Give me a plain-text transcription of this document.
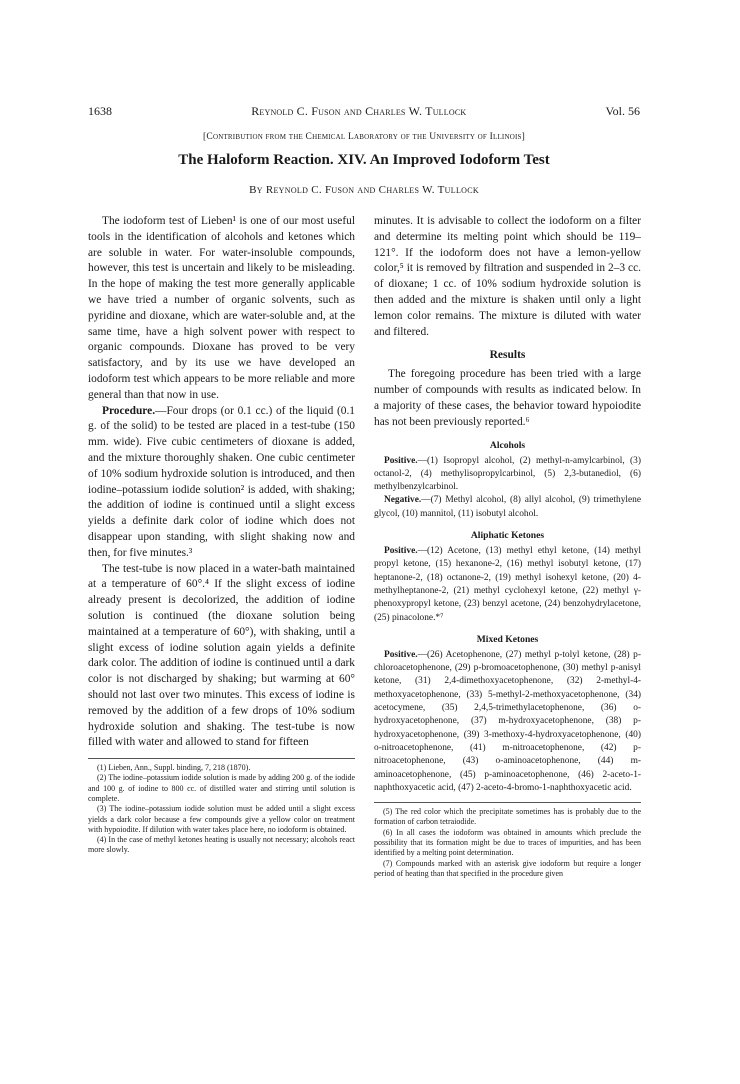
1638	Reynold C. Fuson and Charles W. Tullock	Vol. 56
[Contribution from the Chemical Laboratory of the University of Illinois]
The Haloform Reaction. XIV. An Improved Iodoform Test
By Reynold C. Fuson and Charles W. Tullock

The iodoform test of Lieben¹ is one of our most useful tools in the identification of alcohols and ketones which are soluble in water. For water-insoluble compounds, however, this test is uncertain and likely to be misleading. In the hope of making the test more generally applicable we have tried a number of organic solvents, such as pyridine and dioxane, which are water-soluble and, at the same time, have a high solvent power with respect to organic compounds. Dioxane has proved to be very satisfactory, and by its use we have developed an iodoform test which appears to be more reliable and more general than that now in use.

Procedure.—Four drops (or 0.1 cc.) of the liquid (0.1 g. of the solid) to be tested are placed in a test-tube (150 mm. wide). Five cubic centimeters of dioxane is added, and the mixture thoroughly shaken. One cubic centimeter of 10% sodium hydroxide solution is introduced, and then iodine–potassium iodide solution² is added, with shaking; the addition of iodine is continued until a slight excess yields a definite dark color of iodine which does not disappear upon standing, with slight shaking now and then, for five minutes.³

The test-tube is now placed in a water-bath maintained at a temperature of 60°.⁴ If the slight excess of iodine already present is decolorized, the addition of iodine solution is continued (the dioxane solution being maintained at a temperature of 60°), with shaking, until a slight excess of iodine solution again yields a definite dark color. The addition of iodine is continued until a dark color is not discharged by shaking; but warming at 60° should not last over two minutes. This excess of iodine is removed by the addition of a few drops of 10% sodium hydroxide solution and shaking. The test-tube is now filled with water and allowed to stand for fifteen

(1) Lieben, Ann., Suppl. binding, 7, 218 (1870).

(2) The iodine–potassium iodide solution is made by adding 200 g. of the iodide and 100 g. of iodine to 800 cc. of distilled water and stirring until solution is complete.

(3) The iodine–potassium iodide solution must be added until a slight excess yields a dark color because a few compounds give a yellow color on treatment with hypoiodite. If dilution with water takes place here, no iodoform is obtained.

(4) In the case of methyl ketones heating is usually not necessary; alcohols react more slowly.

minutes. It is advisable to collect the iodoform on a filter and determine its melting point which should be 119–121°. If the iodoform does not have a lemon-yellow color,⁵ it is removed by filtration and suspended in 2–3 cc. of dioxane; 1 cc. of 10% sodium hydroxide solution is then added and the mixture is shaken until only a light lemon color remains. The mixture is diluted with water and filtered.

Results

The foregoing procedure has been tried with a large number of compounds with results as indicated below. In a majority of these cases, the behavior toward hypoiodite has not been previously reported.⁶

Alcohols

Positive.—(1) Isopropyl alcohol, (2) methyl-n-amylcarbinol, (3) octanol-2, (4) methylisopropylcarbinol, (5) 2,3-butanediol, (6) methylbenzylcarbinol.

Negative.—(7) Methyl alcohol, (8) allyl alcohol, (9) trimethylene glycol, (10) mannitol, (11) isobutyl alcohol.

Aliphatic Ketones

Positive.—(12) Acetone, (13) methyl ethyl ketone, (14) methyl propyl ketone, (15) hexanone-2, (16) methyl isobutyl ketone, (17) heptanone-2, (18) octanone-2, (19) methyl isohexyl ketone, (20) 4-methylheptanone-2, (21) methyl cyclohexyl ketone, (22) methyl γ-phenoxypropyl ketone, (23) benzyl acetone, (24) benzohydrylacetone, (25) pinacolone.*⁷

Mixed Ketones

Positive.—(26) Acetophenone, (27) methyl p-tolyl ketone, (28) p-chloroacetophenone, (29) p-bromoacetophenone, (30) methyl p-anisyl ketone, (31) 2,4-dimethoxyacetophenone, (32) 2-methyl-4-methoxyacetophenone, (33) 5-methyl-2-methoxyacetophenone, (34) acetocymene, (35) 2,4,5-trimethylacetophenone, (36) o-hydroxyacetophenone, (37) m-hydroxyacetophenone, (38) p-hydroxyacetophenone, (39) 3-methoxy-4-hydroxyacetophenone, (40) o-nitroacetophenone, (41) m-nitroacetophenone, (42) p-nitroacetophenone, (43) o-aminoacetophenone, (44) m-aminoacetophenone, (45) p-aminoacetophenone, (46) 2-aceto-1-naphthoxyacetic acid, (47) 2-aceto-4-bromo-1-naphthoxyacetic acid.

(5) The red color which the precipitate sometimes has is probably due to the formation of carbon tetraiodide.

(6) In all cases the iodoform was obtained in amounts which preclude the possibility that its formation might be due to traces of impurities, and has been identified by a melting point determination.

(7) Compounds marked with an asterisk give iodoform but require a longer period of heating than that specified in the procedure given
